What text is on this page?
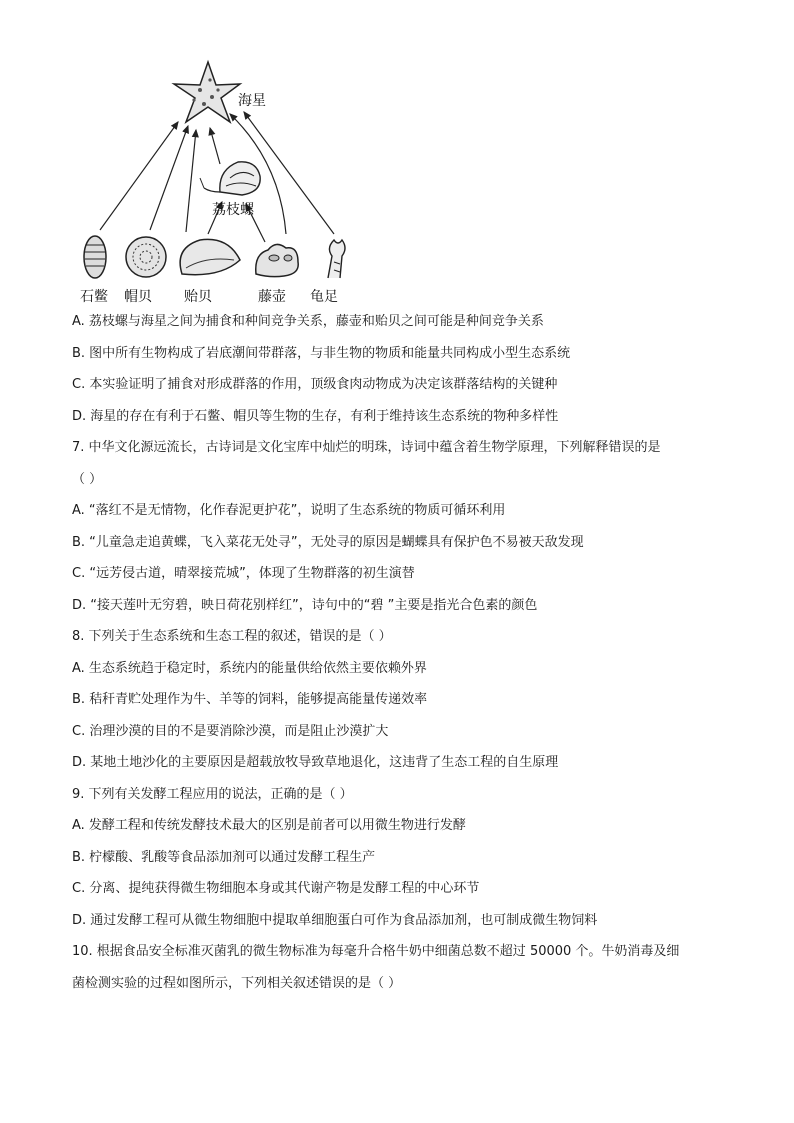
海星
荔枝螺
石鳖 帽贝 贻贝	藤壶 龟足
A. 荔枝螺与海星之间为捕食和种间竞争关系，藤壶和贻贝之间可能是种间竞争关系
B. 图中所有生物构成了岩底潮间带群落，与非生物的物质和能量共同构成小型生态系统
C. 本实验证明了捕食对形成群落的作用，顶级食肉动物成为决定该群落结构的关键种
D. 海星的存在有利于石鳖、帽贝等生物的生存，有利于维持该生态系统的物种多样性
7. 中华文化源远流长，古诗词是文化宝库中灿烂的明珠，诗词中蕴含着生物学原理，下列解释错误的是
（ ）
A. “落红不是无情物，化作春泥更护花”，说明了生态系统的物质可循环利用
B. “儿童急走追黄蝶，飞入菜花无处寻”，无处寻的原因是蝴蝶具有保护色不易被天敌发现
C. “远芳侵古道，晴翠接荒城”，体现了生物群落的初生演替
D. “接天莲叶无穷碧，映日荷花别样红”，诗句中的“碧 ”主要是指光合色素的颜色
8. 下列关于生态系统和生态工程的叙述，错误的是（ ）
A. 生态系统趋于稳定时，系统内的能量供给依然主要依赖外界
B. 秸秆青贮处理作为牛、羊等的饲料，能够提高能量传递效率
C. 治理沙漠的目的不是要消除沙漠，而是阻止沙漠扩大
D. 某地土地沙化的主要原因是超载放牧导致草地退化，这违背了生态工程的自生原理
9. 下列有关发酵工程应用的说法，正确的是（ ）
A. 发酵工程和传统发酵技术最大的区别是前者可以用微生物进行发酵
B. 柠檬酸、乳酸等食品添加剂可以通过发酵工程生产
C. 分离、提纯获得微生物细胞本身或其代谢产物是发酵工程的中心环节
D. 通过发酵工程可从微生物细胞中提取单细胞蛋白可作为食品添加剂，也可制成微生物饲料
10. 根据食品安全标准灭菌乳的微生物标准为每毫升合格牛奶中细菌总数不超过 50000 个。牛奶消毒及细
菌检测实验的过程如图所示，下列相关叙述错误的是（ ）
